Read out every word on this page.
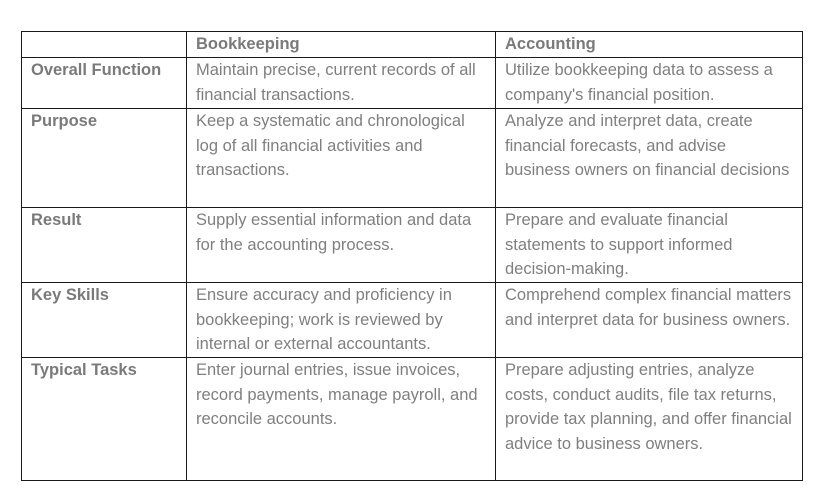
	Bookkeeping	Accounting
Overall Function	Maintain precise, current records of all financial transactions.	Utilize bookkeeping data to assess a company's financial position.
Purpose	Keep a systematic and chronological log of all financial activities and transactions.	Analyze and interpret data, create financial forecasts, and advise business owners on financial decisions
Result	Supply essential information and data for the accounting process.	Prepare and evaluate financial statements to support informed decision-making.
Key Skills	Ensure accuracy and proficiency in bookkeeping; work is reviewed by internal or external accountants.	Comprehend complex financial matters and interpret data for business owners.
Typical Tasks	Enter journal entries, issue invoices, record payments, manage payroll, and reconcile accounts.	Prepare adjusting entries, analyze costs, conduct audits, file tax returns, provide tax planning, and offer financial advice to business owners.
